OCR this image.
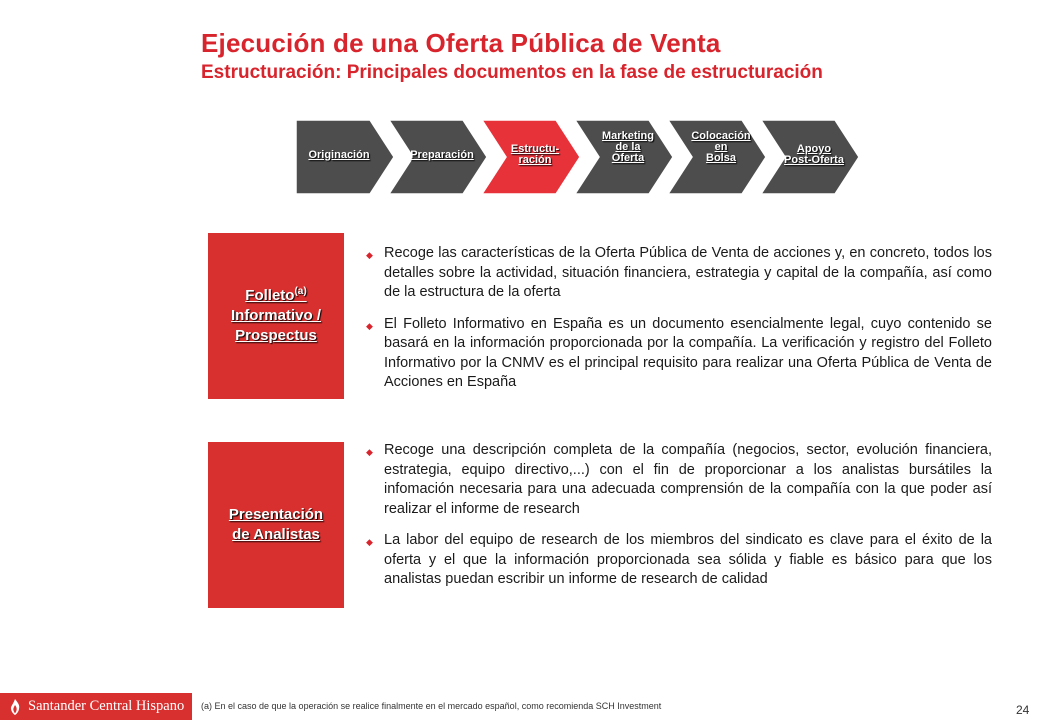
Ejecución de una Oferta Pública de Venta
Estructuración: Principales documentos en la fase de estructuración
Originación	Preparación	Estructu-
ración
Marketing
de la
Oferta
Colocación
en
Bolsa
Apoyo
Post-Oferta
Folleto$^{(a)}$
Informativo /
Prospectus
◆ Recoge las características de la Oferta Pública de Venta de acciones y, en concreto, todos los detalles sobre la actividad, situación financiera, estrategia y capital de la compañía, así como de la estructura de la oferta
◆ El Folleto Informativo en España es un documento esencialmente legal, cuyo contenido se basará en la información proporcionada por la compañía. La verificación y registro del Folleto Informativo por la CNMV es el principal requisito para realizar una Oferta Pública de Venta de Acciones en España
Presentación
de Analistas
◆ Recoge una descripción completa de la compañía (negocios, sector, evolución financiera, estrategia, equipo directivo,...) con el fin de proporcionar a los analistas bursátiles la infomación necesaria para una adecuada comprensión de la compañía con la que poder así realizar el informe de research
◆ La labor del equipo de research de los miembros del sindicato es clave para el éxito de la oferta y el que la información proporcionada sea sólida y fiable es básico para que los analistas puedan escribir un informe de research de calidad
Santander Central Hispano (a) En el caso de que la operación se realice finalmente en el mercado español, como recomienda SCH Investment	24
